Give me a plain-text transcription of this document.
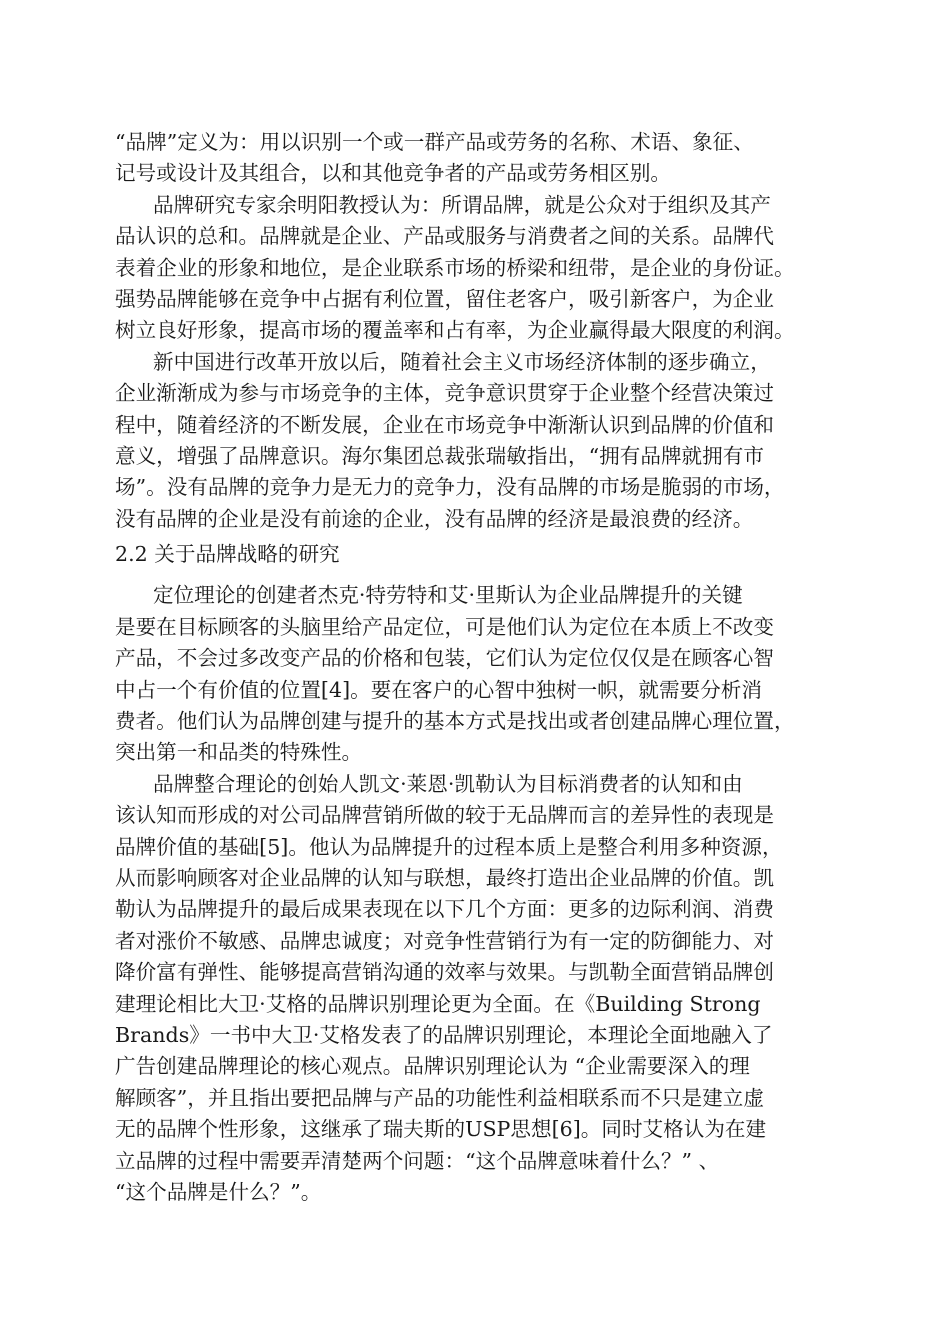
“品牌”定义为：用以识别一个或一群产品或劳务的名称、术语、象征、
记号或设计及其组合，以和其他竞争者的产品或劳务相区别。
品牌研究专家余明阳教授认为：所谓品牌，就是公众对于组织及其产
品认识的总和。品牌就是企业、产品或服务与消费者之间的关系。品牌代
表着企业的形象和地位，是企业联系市场的桥梁和纽带，是企业的身份证。
强势品牌能够在竞争中占据有利位置，留住老客户，吸引新客户，为企业
树立良好形象，提高市场的覆盖率和占有率，为企业赢得最大限度的利润。
新中国进行改革开放以后，随着社会主义市场经济体制的逐步确立，
企业渐渐成为参与市场竞争的主体，竞争意识贯穿于企业整个经营决策过
程中，随着经济的不断发展，企业在市场竞争中渐渐认识到品牌的价值和
意义，增强了品牌意识。海尔集团总裁张瑞敏指出，“拥有品牌就拥有市
场”。没有品牌的竞争力是无力的竞争力，没有品牌的市场是脆弱的市场，
没有品牌的企业是没有前途的企业，没有品牌的经济是最浪费的经济。
2.2 关于品牌战略的研究
定位理论的创建者杰克·特劳特和艾·里斯认为企业品牌提升的关键
是要在目标顾客的头脑里给产品定位，可是他们认为定位在本质上不改变
产品，不会过多改变产品的价格和包装，它们认为定位仅仅是在顾客心智
中占一个有价值的位置[4]。要在客户的心智中独树一帜，就需要分析消
费者。他们认为品牌创建与提升的基本方式是找出或者创建品牌心理位置，
突出第一和品类的特殊性。
品牌整合理论的创始人凯文·莱恩·凯勒认为目标消费者的认知和由
该认知而形成的对公司品牌营销所做的较于无品牌而言的差异性的表现是
品牌价值的基础[5]。他认为品牌提升的过程本质上是整合利用多种资源，
从而影响顾客对企业品牌的认知与联想，最终打造出企业品牌的价值。凯
勒认为品牌提升的最后成果表现在以下几个方面：更多的边际利润、消费
者对涨价不敏感、品牌忠诚度；对竞争性营销行为有一定的防御能力、对
降价富有弹性、能够提高营销沟通的效率与效果。与凯勒全面营销品牌创
建理论相比大卫·艾格的品牌识别理论更为全面。在《Building Strong
Brands》一书中大卫·艾格发表了的品牌识别理论，本理论全面地融入了
广告创建品牌理论的核心观点。品牌识别理论认为 “企业需要深入的理
解顾客”，并且指出要把品牌与产品的功能性利益相联系而不只是建立虚
无的品牌个性形象，这继承了瑞夫斯的USP思想[6]。同时艾格认为在建
立品牌的过程中需要弄清楚两个问题：“这个品牌意味着什么？” 、
“这个品牌是什么？”。
